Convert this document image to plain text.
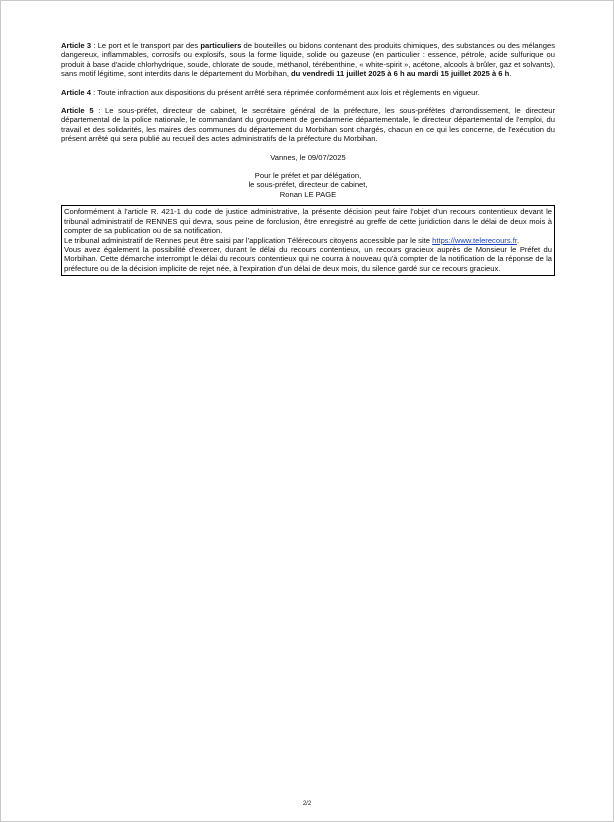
Article 3 : Le port et le transport par des particuliers de bouteilles ou bidons contenant des produits chimiques, des substances ou des mélanges dangereux, inflammables, corrosifs ou explosifs, sous la forme liquide, solide ou gazeuse (en particulier : essence, pétrole, acide sulfurique ou produit à base d'acide chlorhydrique, soude, chlorate de soude, méthanol, térébenthine, « white-spirit », acétone, alcools à brûler, gaz et solvants), sans motif légitime, sont interdits dans le département du Morbihan, du vendredi 11 juillet 2025 à 6 h au mardi 15 juillet 2025 à 6 h.

Article 4 : Toute infraction aux dispositions du présent arrêté sera réprimée conformément aux lois et règlements en vigueur.

Article 5 : Le sous-préfet, directeur de cabinet, le secrétaire général de la préfecture, les sous-préfètes d'arrondissement, le directeur départemental de la police nationale, le commandant du groupement de gendarmerie départementale, le directeur départemental de l'emploi, du travail et des solidarités, les maires des communes du département du Morbihan sont chargés, chacun en ce qui les concerne, de l'exécution du présent arrêté qui sera publié au recueil des actes administratifs de la préfecture du Morbihan.

Vannes, le 09/07/2025
Pour le préfet et par délégation,
le sous-préfet, directeur de cabinet,
Ronan LE PAGE

Conformément à l'article R. 421-1 du code de justice administrative, la présente décision peut faire l'objet d'un recours contentieux devant le tribunal administratif de RENNES qui devra, sous peine de forclusion, être enregistré au greffe de cette juridiction dans le délai de deux mois à compter de sa publication ou de sa notification.

Le tribunal administratif de Rennes peut être saisi par l'application Télérecours citoyens accessible par le site https://www.telerecours.fr.

Vous avez également la possibilité d'exercer, durant le délai du recours contentieux, un recours gracieux auprès de Monsieur le Préfet du Morbihan. Cette démarche interrompt le délai du recours contentieux qui ne courra à nouveau qu'à compter de la notification de la réponse de la préfecture ou de la décision implicite de rejet née, à l'expiration d'un délai de deux mois, du silence gardé sur ce recours gracieux.

2/2
